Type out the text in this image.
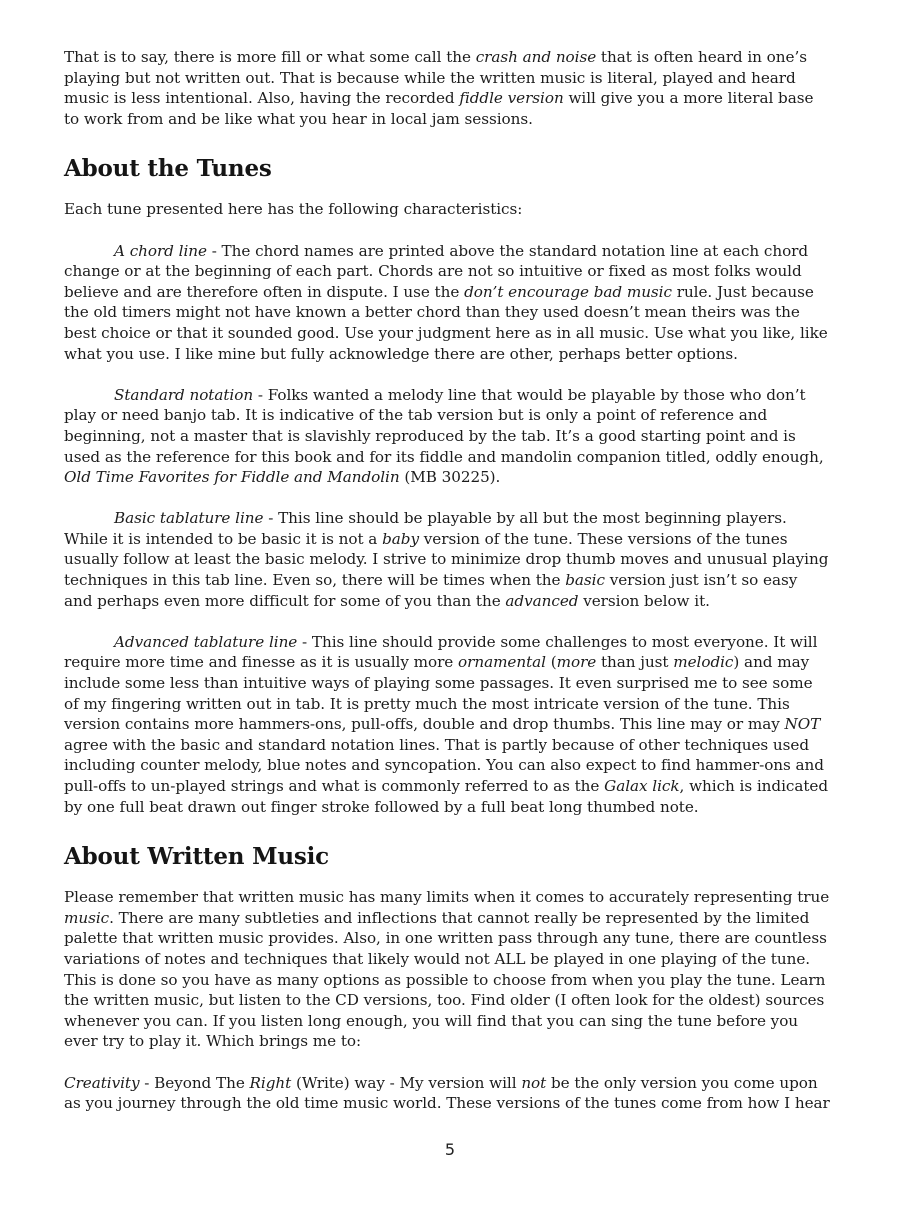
That is to say, there is more fill or what some call the crash and noise that is often heard in one’s playing but not written out. That is because while the written music is literal, played and heard music is less intentional. Also, having the recorded fiddle version will give you a more literal base to work from and be like what you hear in local jam sessions.

About the Tunes

Each tune presented here has the following characteristics:

A chord line - The chord names are printed above the standard notation line at each chord change or at the beginning of each part. Chords are not so intuitive or fixed as most folks would believe and are therefore often in dispute. I use the don’t encourage bad music rule. Just because the old timers might not have known a better chord than they used doesn’t mean theirs was the best choice or that it sounded good. Use your judgment here as in all music. Use what you like, like what you use. I like mine but fully acknowledge there are other, perhaps better options.

Standard notation - Folks wanted a melody line that would be playable by those who don’t play or need banjo tab. It is indicative of the tab version but is only a point of reference and beginning, not a master that is slavishly reproduced by the tab. It’s a good starting point and is used as the reference for this book and for its fiddle and mandolin companion titled, oddly enough, Old Time Favorites for Fiddle and Mandolin (MB 30225).

Basic tablature line - This line should be playable by all but the most beginning players. While it is intended to be basic it is not a baby version of the tune. These versions of the tunes usually follow at least the basic melody. I strive to minimize drop thumb moves and unusual playing techniques in this tab line. Even so, there will be times when the basic version just isn’t so easy and perhaps even more difficult for some of you than the advanced version below it.

Advanced tablature line - This line should provide some challenges to most everyone. It will require more time and finesse as it is usually more ornamental (more than just melodic) and may include some less than intuitive ways of playing some passages. It even surprised me to see some of my fingering written out in tab. It is pretty much the most intricate version of the tune. This version contains more hammers-ons, pull-offs, double and drop thumbs. This line may or may NOT agree with the basic and standard notation lines. That is partly because of other techniques used including counter melody, blue notes and syncopation. You can also expect to find hammer-ons and pull-offs to un-played strings and what is commonly referred to as the Galax lick, which is indicated by one full beat drawn out finger stroke followed by a full beat long thumbed note.

About Written Music

Please remember that written music has many limits when it comes to accurately representing true music. There are many subtleties and inflections that cannot really be represented by the limited palette that written music provides. Also, in one written pass through any tune, there are countless variations of notes and techniques that likely would not ALL be played in one playing of the tune. This is done so you have as many options as possible to choose from when you play the tune. Learn the written music, but listen to the CD versions, too. Find older (I often look for the oldest) sources whenever you can. If you listen long enough, you will find that you can sing the tune before you ever try to play it. Which brings me to:

Creativity - Beyond The Right (Write) way - My version will not be the only version you come upon as you journey through the old time music world. These versions of the tunes come from how I hear

5
